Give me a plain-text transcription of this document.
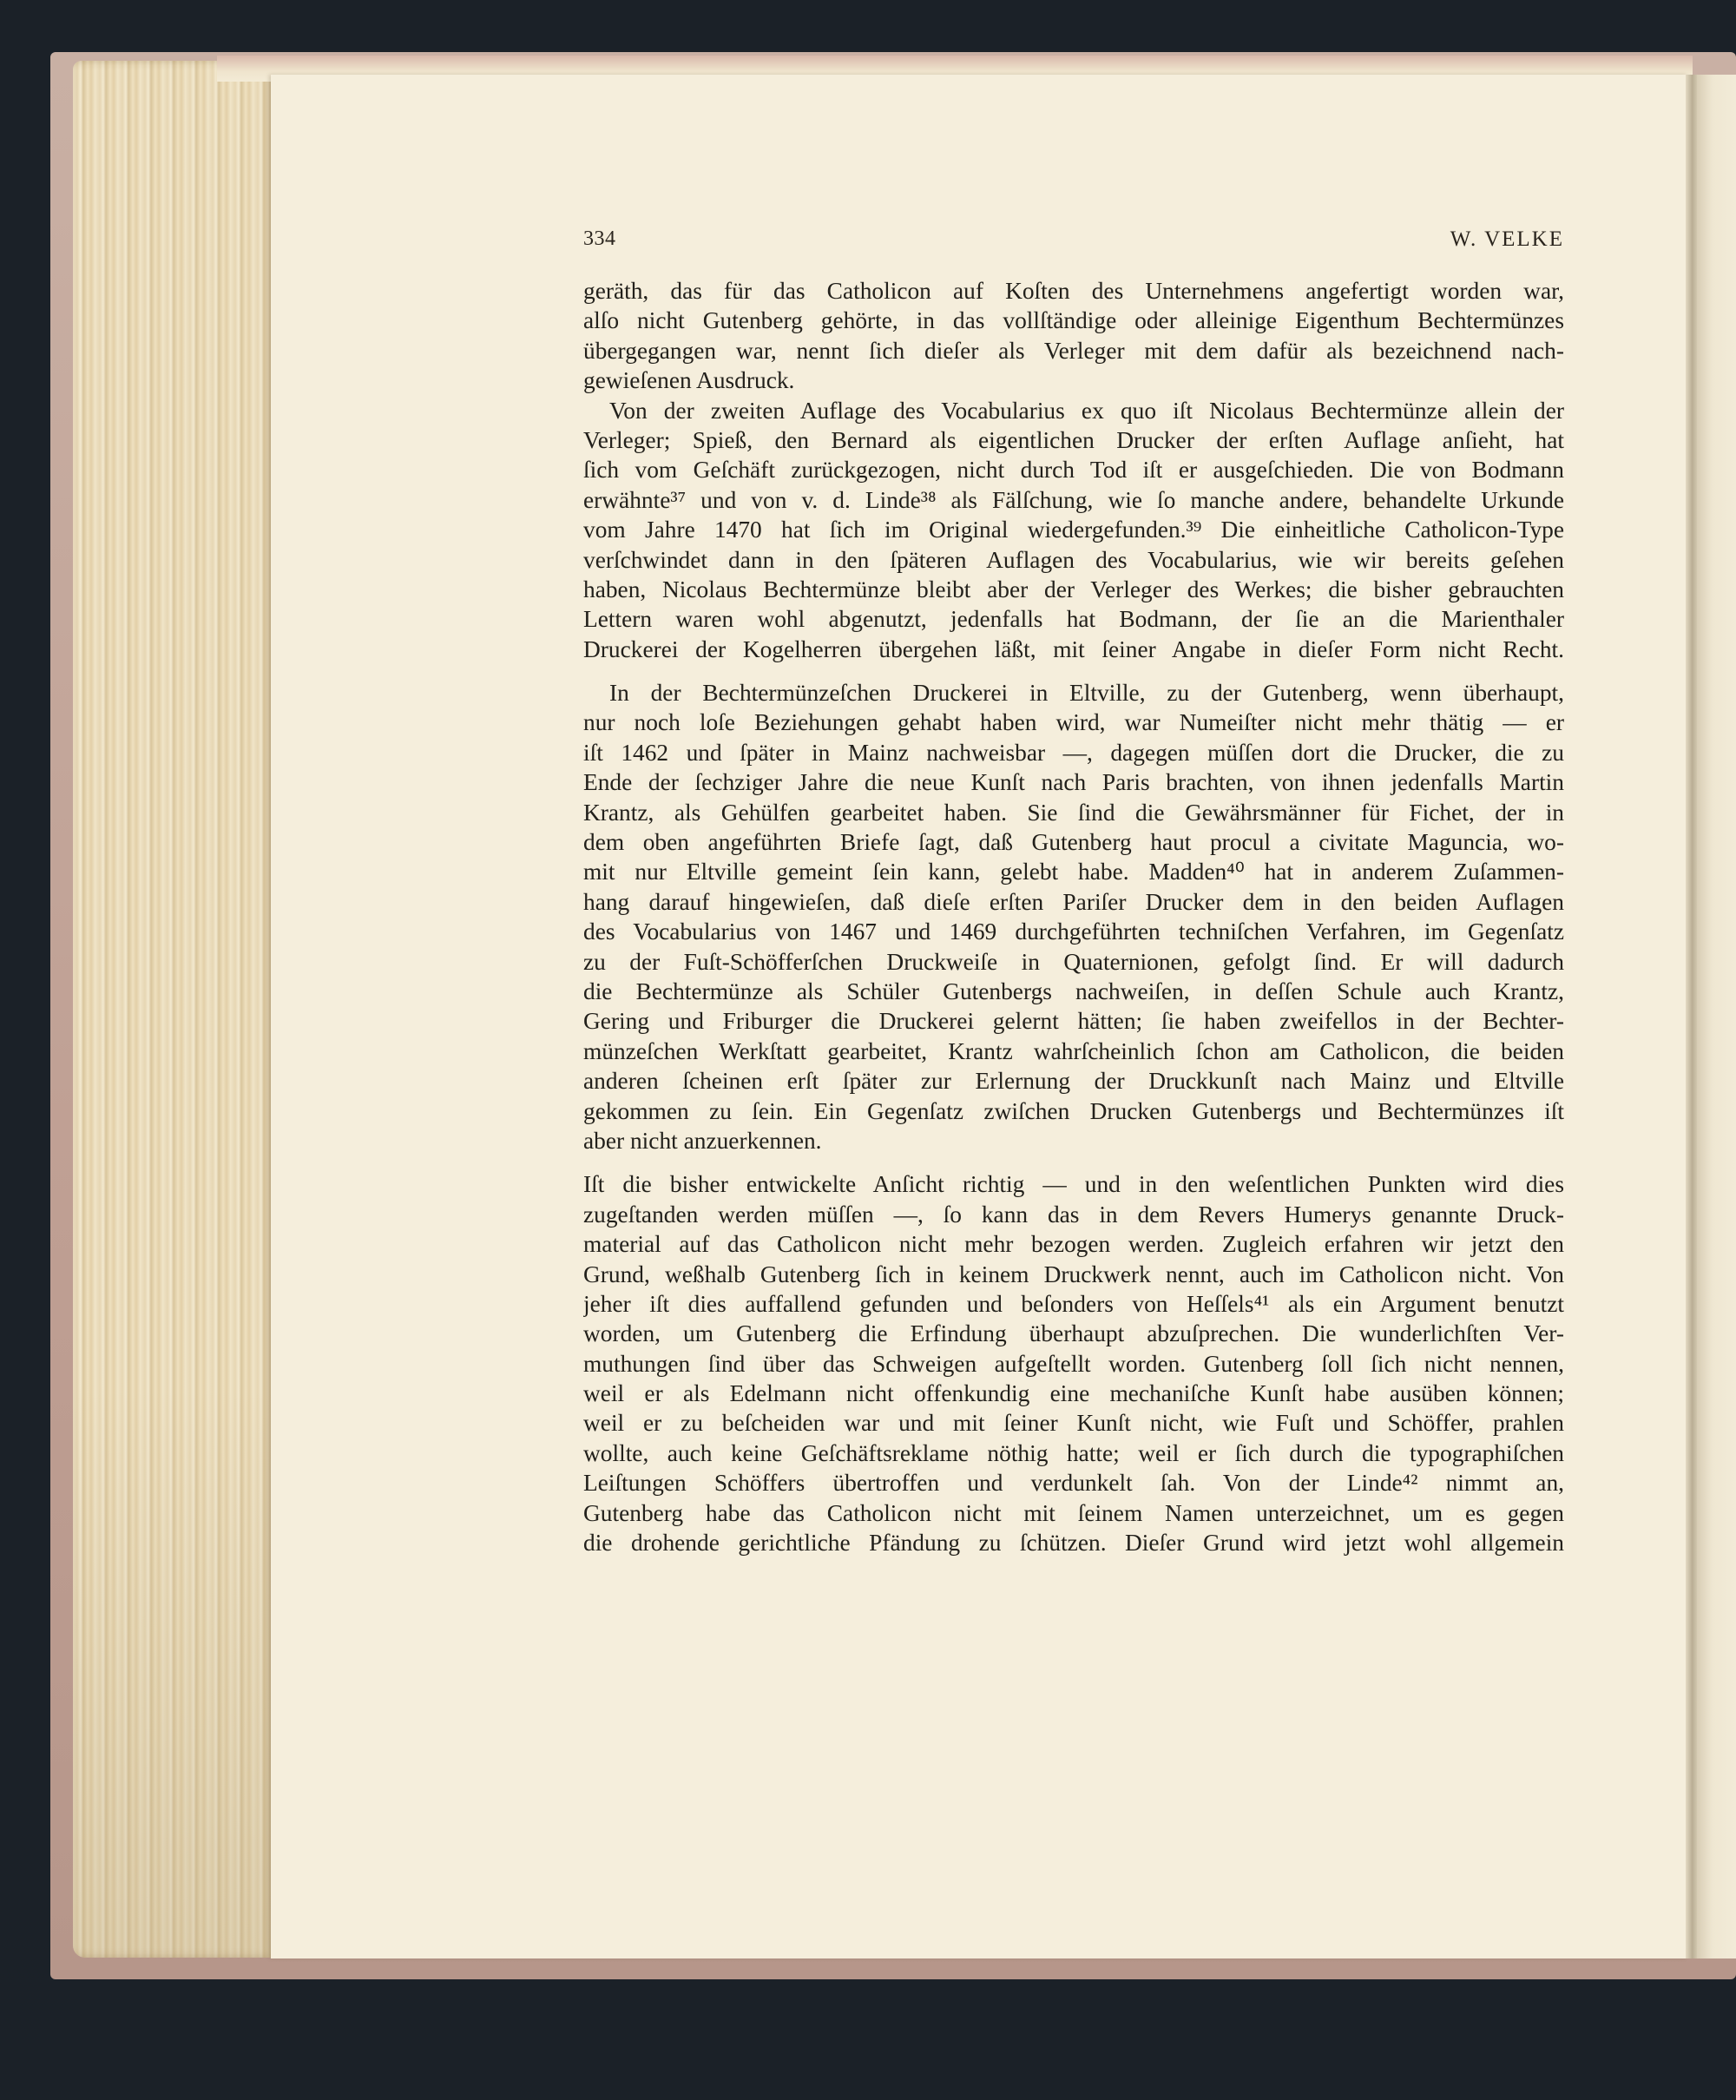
334	W. VELKE
geräth, das für das Catholicon auf Koſten des Unternehmens angefertigt worden war,
alſo nicht Gutenberg gehörte, in das vollſtändige oder alleinige Eigenthum Bechtermünzes
übergegangen war, nennt ſich dieſer als Verleger mit dem dafür als bezeichnend nach-
gewieſenen Ausdruck.
Von der zweiten Auflage des Vocabularius ex quo iſt Nicolaus Bechtermünze allein der
Verleger; Spieß, den Bernard als eigentlichen Drucker der erſten Auflage anſieht, hat
ſich vom Geſchäft zurückgezogen, nicht durch Tod iſt er ausgeſchieden. Die von Bodmann
erwähnte³⁷ und von v. d. Linde³⁸ als Fälſchung, wie ſo manche andere, behandelte Urkunde
vom Jahre 1470 hat ſich im Original wiedergefunden.³⁹ Die einheitliche Catholicon-Type
verſchwindet dann in den ſpäteren Auflagen des Vocabularius, wie wir bereits geſehen
haben, Nicolaus Bechtermünze bleibt aber der Verleger des Werkes; die bisher gebrauchten
Lettern waren wohl abgenutzt, jedenfalls hat Bodmann, der ſie an die Marienthaler
Druckerei der Kogelherren übergehen läßt, mit ſeiner Angabe in dieſer Form nicht Recht.
In der Bechtermünzeſchen Druckerei in Eltville, zu der Gutenberg, wenn überhaupt,
nur noch loſe Beziehungen gehabt haben wird, war Numeiſter nicht mehr thätig — er
iſt 1462 und ſpäter in Mainz nachweisbar —, dagegen müſſen dort die Drucker, die zu
Ende der ſechziger Jahre die neue Kunſt nach Paris brachten, von ihnen jedenfalls Martin
Krantz, als Gehülfen gearbeitet haben. Sie ſind die Gewährsmänner für Fichet, der in
dem oben angeführten Briefe ſagt, daß Gutenberg haut procul a civitate Maguncia, wo-
mit nur Eltville gemeint ſein kann, gelebt habe. Madden⁴⁰ hat in anderem Zuſammen-
hang darauf hingewieſen, daß dieſe erſten Pariſer Drucker dem in den beiden Auflagen
des Vocabularius von 1467 und 1469 durchgeführten techniſchen Verfahren, im Gegenſatz
zu der Fuſt-Schöfferſchen Druckweiſe in Quaternionen, gefolgt ſind. Er will dadurch
die Bechtermünze als Schüler Gutenbergs nachweiſen, in deſſen Schule auch Krantz,
Gering und Friburger die Druckerei gelernt hätten; ſie haben zweifellos in der Bechter-
münzeſchen Werkſtatt gearbeitet, Krantz wahrſcheinlich ſchon am Catholicon, die beiden
anderen ſcheinen erſt ſpäter zur Erlernung der Druckkunſt nach Mainz und Eltville
gekommen zu ſein. Ein Gegenſatz zwiſchen Drucken Gutenbergs und Bechtermünzes iſt
aber nicht anzuerkennen.
Iſt die bisher entwickelte Anſicht richtig — und in den weſentlichen Punkten wird dies
zugeſtanden werden müſſen —, ſo kann das in dem Revers Humerys genannte Druck-
material auf das Catholicon nicht mehr bezogen werden. Zugleich erfahren wir jetzt den
Grund, weßhalb Gutenberg ſich in keinem Druckwerk nennt, auch im Catholicon nicht. Von
jeher iſt dies auffallend gefunden und beſonders von Heſſels⁴¹ als ein Argument benutzt
worden, um Gutenberg die Erfindung überhaupt abzuſprechen. Die wunderlichſten Ver-
muthungen ſind über das Schweigen aufgeſtellt worden. Gutenberg ſoll ſich nicht nennen,
weil er als Edelmann nicht offenkundig eine mechaniſche Kunſt habe ausüben können;
weil er zu beſcheiden war und mit ſeiner Kunſt nicht, wie Fuſt und Schöffer, prahlen
wollte, auch keine Geſchäftsreklame nöthig hatte; weil er ſich durch die typographiſchen
Leiſtungen Schöffers übertroffen und verdunkelt ſah. Von der Linde⁴² nimmt an,
Gutenberg habe das Catholicon nicht mit ſeinem Namen unterzeichnet, um es gegen
die drohende gerichtliche Pfändung zu ſchützen. Dieſer Grund wird jetzt wohl allgemein
